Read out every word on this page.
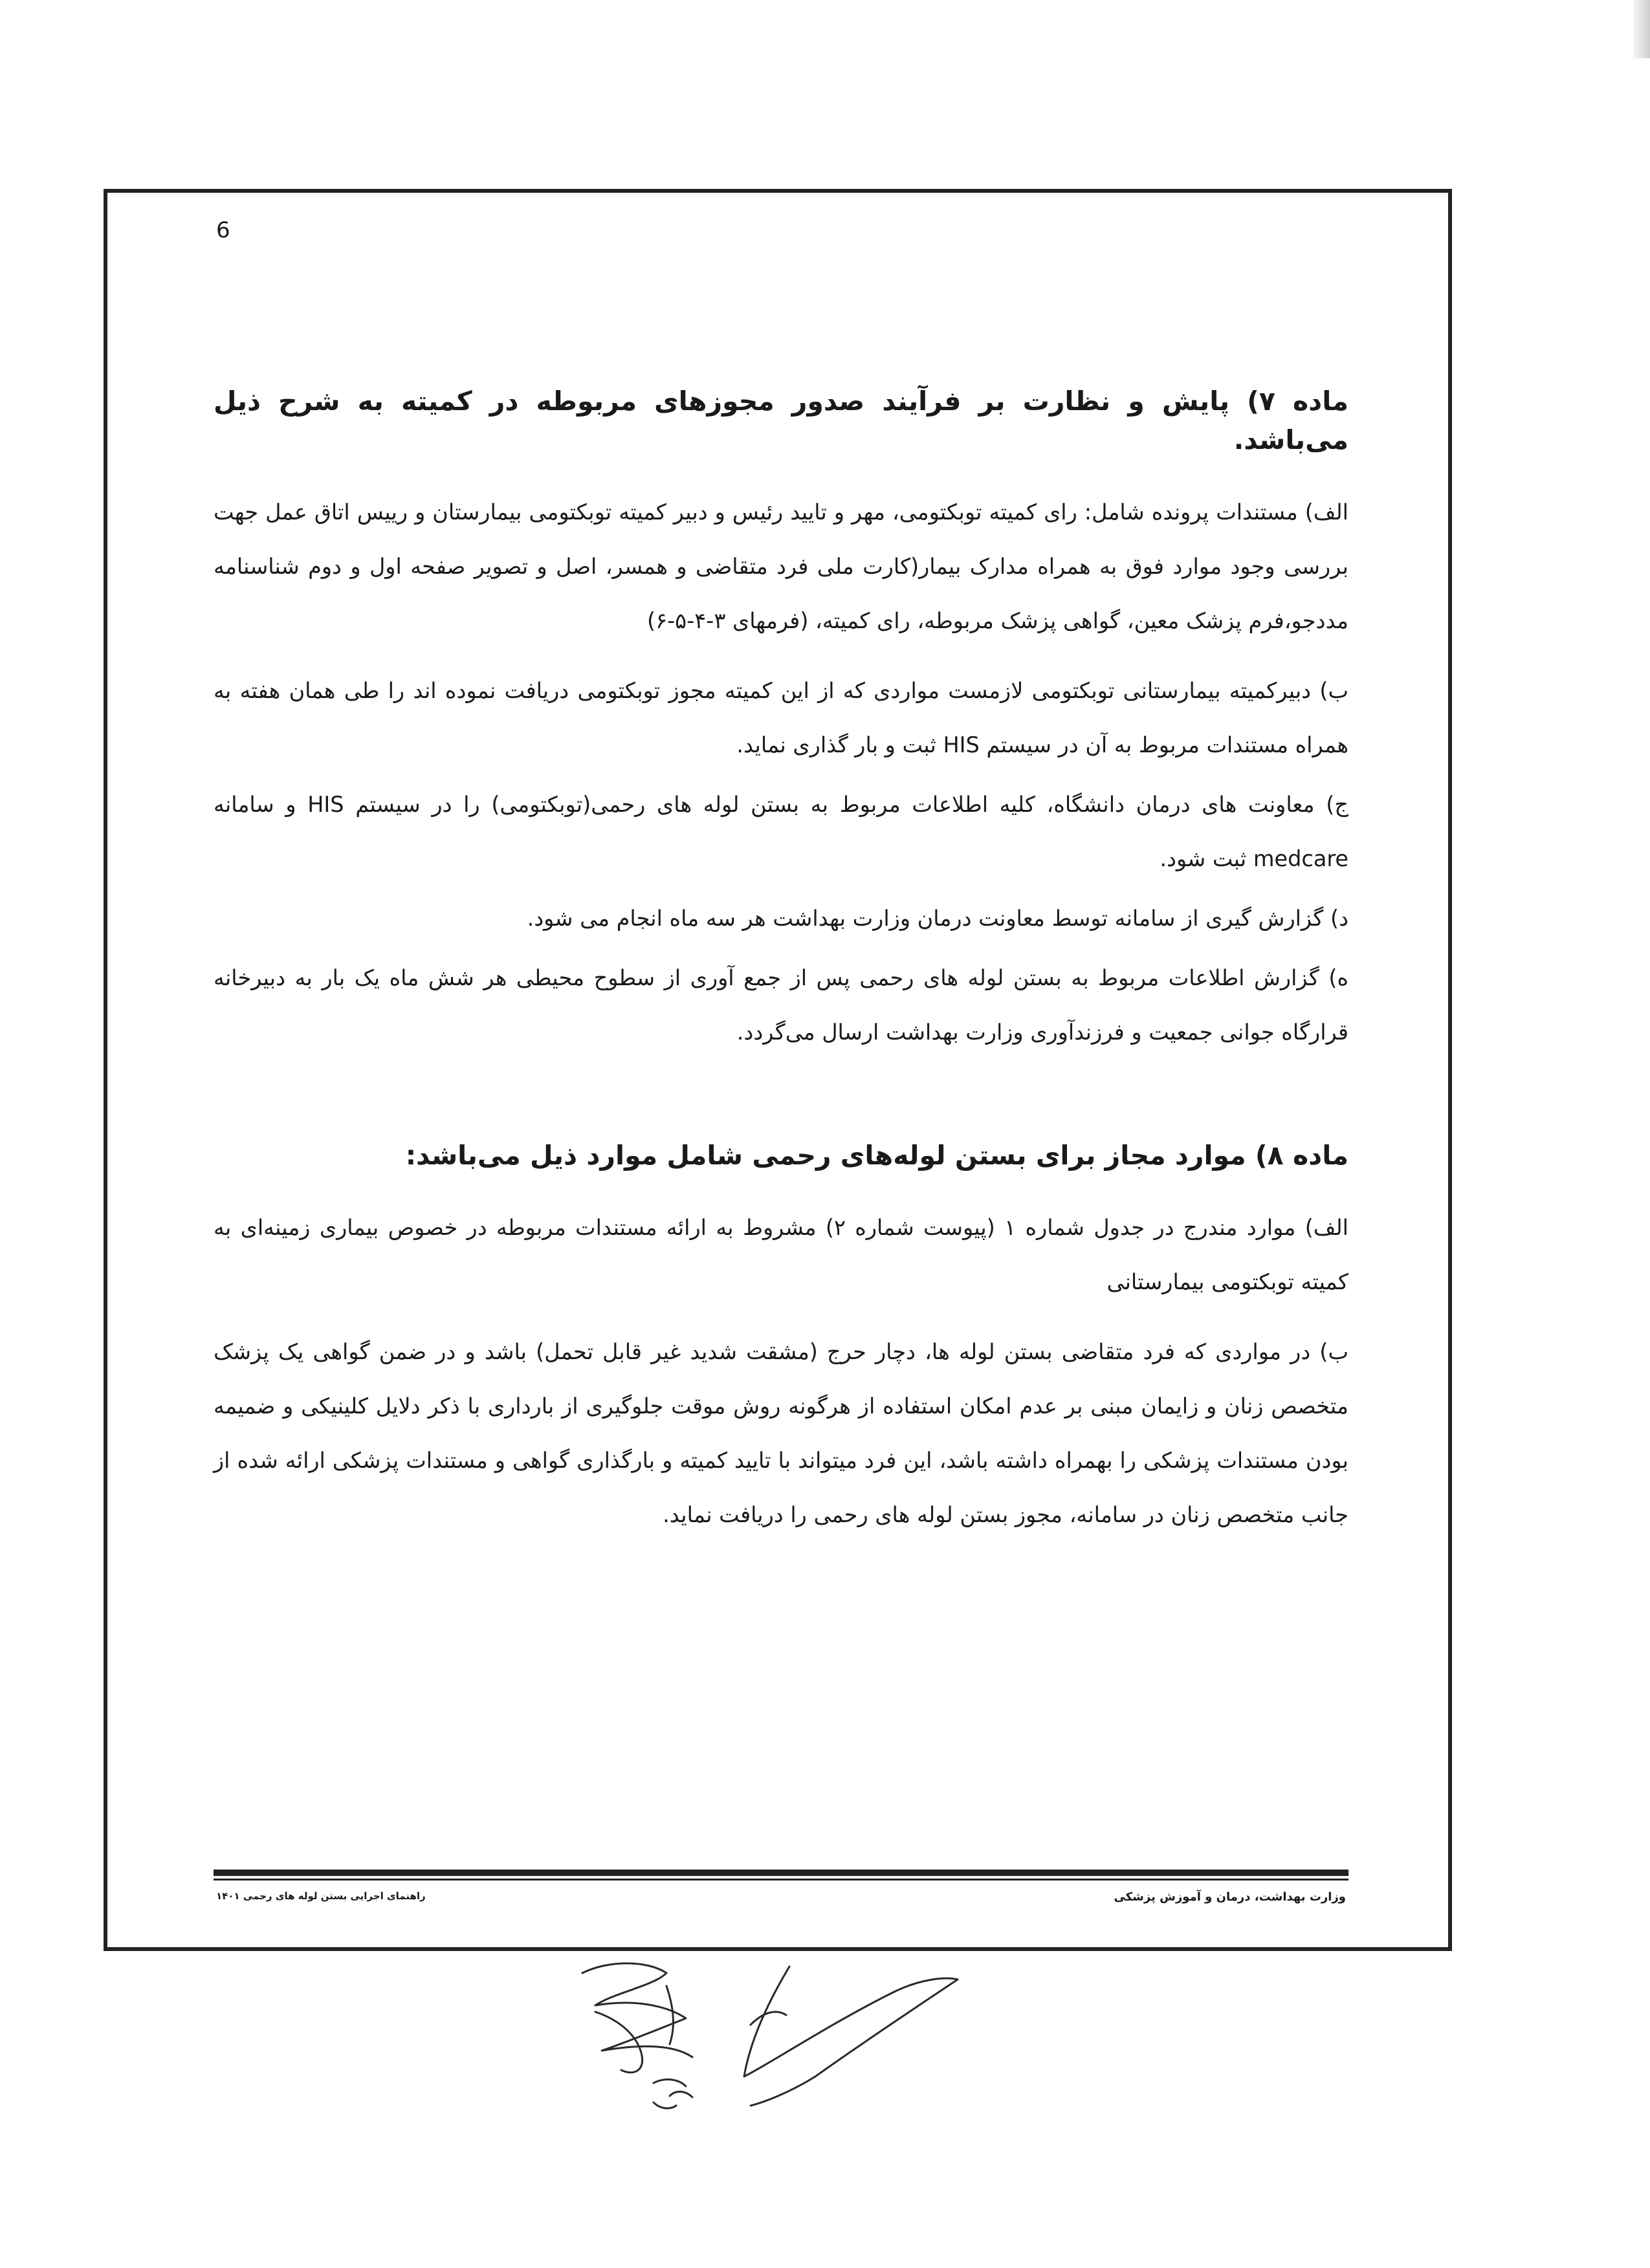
6

ماده ۷) پایش و نظارت بر فرآیند صدور مجوزهای مربوطه در کمیته به شرح ذیل می‌باشد.

الف) مستندات پرونده شامل: رای کمیته توبکتومی، مهر و تایید رئیس و دبیر کمیته توبکتومی بیمارستان و رییس اتاق عمل جهت بررسی وجود موارد فوق به همراه مدارک بیمار(کارت ملی فرد متقاضی و همسر، اصل و تصویر صفحه اول و دوم شناسنامه مددجو،فرم پزشک معین، گواهی پزشک مربوطه، رای کمیته، (فرمهای ۳-۴-۵-۶)

ب) دبیرکمیته بیمارستانی توبکتومی لازمست مواردی که از این کمیته مجوز توبکتومی دریافت نموده اند را طی همان هفته به همراه مستندات مربوط به آن در سیستم HIS ثبت و بار گذاری نماید.

ج) معاونت های درمان دانشگاه، کلیه اطلاعات مربوط به بستن لوله های رحمی(توبکتومی) را در سیستم HIS و سامانه medcare ثبت شود.

د) گزارش گیری از سامانه توسط معاونت درمان وزارت بهداشت هر سه ماه انجام می شود.

ه) گزارش اطلاعات مربوط به بستن لوله های رحمی پس از جمع آوری از سطوح محیطی هر شش ماه یک بار به دبیرخانه قرارگاه جوانی جمعیت و فرزندآوری وزارت بهداشت ارسال می‌گردد.

ماده ۸) موارد مجاز برای بستن لوله‌های رحمی شامل موارد ذیل می‌باشد:

الف) موارد مندرج در جدول شماره ۱ (پیوست شماره ۲) مشروط به ارائه مستندات مربوطه در خصوص بیماری زمینه‌ای به کمیته توبکتومی بیمارستانی

ب) در مواردی که فرد متقاضی بستن لوله ها، دچار حرج (مشقت شدید غیر قابل تحمل) باشد و در ضمن گواهی یک پزشک متخصص زنان و زایمان مبنی بر عدم امکان استفاده از هرگونه روش موقت جلوگیری از بارداری با ذکر دلایل کلینیکی و ضمیمه بودن مستندات پزشکی را بهمراه داشته باشد، این فرد میتواند با تایید کمیته و بارگذاری گواهی و مستندات پزشکی ارائه شده از جانب متخصص زنان در سامانه، مجوز بستن لوله های رحمی را دریافت نماید.

وزارت بهداشت، درمان و آموزش پزشکی
راهنمای اجرایی بستن لوله های رحمی ۱۴۰۱
